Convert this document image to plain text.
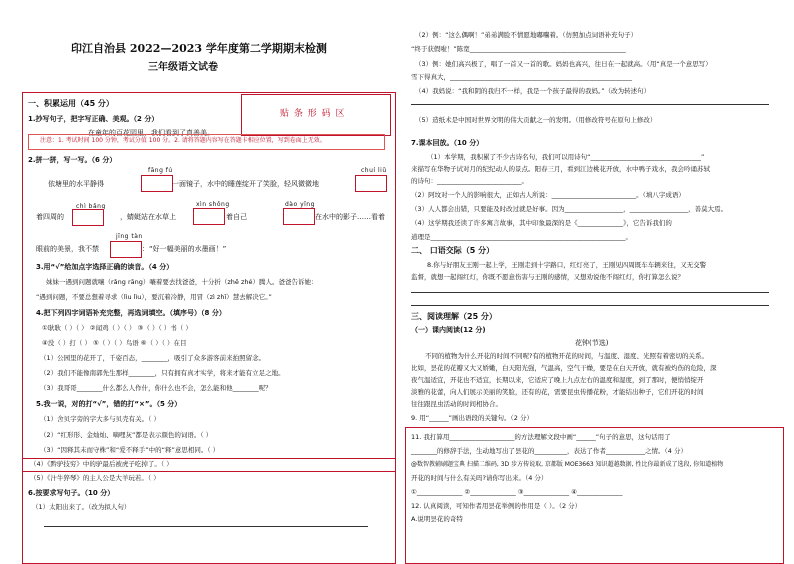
印江自治县 2022—2023 学年度第二学期期末检测
三年级语文试卷
贴 条 形 码 区
一、积累运用（45 分）
1.抄写句子，把字写正确、美观。（2 分）
在童年的百花园里，我们看到了真善美。
注意：1. 考试时间 100 分钟，考试分值 100 分。2. 请将答题内容写在答题卡相应位置，写到卷面上无效。
2.拼一拼，写一写。（6 分）
fāng fú	chuí liǔ
依塘里的水平静得	一面镜子，水中的睡莲绽开了笑脸，轻风微微地
chì bǎng	xìn shǒng	dào yǐng
着四周的	，蜻蜓站在水草上	着自己	在水中的影子……看着
jīng tàn
眼前的美景，我不禁	：“好一幅美丽的水墨画！”
3.用“√”给加点字选择正确的读音。（4 分）
妹妹一遇到问题就嚷（rǎng rāng）嚷着要去找爸爸，十分折（zhē zhé）腾人。爸爸告诉她：
“遇到问题，不要总想着寻求（lìu lìu），要沉着冷静，用冒（zì zhī）慧去解决它。”
4.把下列四字词语补充完整，再选词填空。（填序号）（8 分）
①耿耿（ ）（ ） ②闻鸡（ ）（ ） ③（ ）（ ）书（ ）
④没（ ）打（ ） ⑤（ ）（ ）鸟语 ⑥（ ）（ ）在目
（1）公园里的花开了，千姿百态，________，吸引了众多游客前来拍照留念。
（2）我们不能像南郭先生那样________，只有拥有真才实学，将来才能有立足之地。
（3）我哥哥________什么都么人作什，你什么也不会，怎么能和他________呢？
5.我一说，对的打“√”，错的打“×”。（5 分）
（1）舍贝字旁的字大多与贝壳有关。（ ）
（2）“红形形、金灿灿、嘀哩灰”都是表示颜色的词语。（ ）
（3）“因释其未而守株”和“爱不释手”中的“释”意思相同。（ ）
（4）《黔驴技穷》中的驴最后被虎子吃掉了。（ ）
（5）《汁牛猝琴》的主人公是大羊玩若。（ ）
6.按要求写句子。（10 分）
（1）太阳出来了。（改为拟人句）
（2）例：“这么偶啊！”弟弟满脸不情愿地嘟囔着。（仿照加点词语补充句子）
“终于获假啦！”陈宽________________________________________________
（3）例：她们高兴极了，唱了一首又一首的歌。妈妈也高兴，往日在一起就高。（用“真是一个意思写）
雪下得真大，________________________________________________________
（4）我妈说：“我和阴的我归不一样，我是一个孩子最得的我妈。”（改为转述句）
（5）造纸术是中国对世界文明的伟大贡献之一的发明。（用修改符号在原句上修改）
7.课本回放。（10 分）
（1）本学期，我积累了不少古诗名句，我们可以用诗句“__________________________________”
来描写在华物子试对月的纪纪动人的景点。阳春三月，看到江边桃花开放，水中鸭子戏水，我会吟诵苏轼
的诗句：__________________________。
（2）阿坟对一个人的影响很大，正如古人所说：__________________________。（填八字成语）
（3）人人都会出错，只要能及时改过就是好事。因为__________________，__________________，善莫大焉。
（4）这学期我还读了许多寓言故事，其中印象最深的是《______________》，它告诉我们的
道理是____________________________________________________________。
二、 口语交际（5 分）
8.你与好朋友王刚一起上学，王刚走到十字路口，红灯亮了，王刚见四周既车车辆来往，又无交警
监督，就想一起闯红灯，你既不愿意伤害与王刚的感情，又想劝说他不闯红灯，你打算怎么说？
三、阅读理解（25 分）
（一）课内阅读(12 分)
花钟(节选)
不同的植物为什么开花的时间不同呢?有的植物开花的时间，与温度、湿度、光照有着密切的关系。
比如，昙花的花瓣又大又娇嫩，白天阳光强，气温高，空气干燥，要是在白天开放，就有被灼伤的危险，深
夜气温适宜，开花也不适宜，长期以来，它适应了晚上九点左右的温度和湿度，到了那时，便悄悄绽开
淡雅的花蕾，向人们展示美丽的笑脸，还有的花，需要昆虫传播花粉，才能结出种子，它们开花的时间
往往跟昆虫活动的时间相协合。
9. 用“______”画出语段的关键句。（2 分）
11. 我打算用____________________的方法理解文段中画“______”句子的意思，这句话用了
________的修辞手法，生动地写出了昙花的__________，表达了作者____________之情。（4 分）
@数智教辅刷题宝典 扫描二维码, 3D 步方传说取, 京都版 MOE3663 知识超越数据, 性比你最新成了选段, 你知道植物
开花的时间与什么有关吗?请你写出来。（4 分）
①______________ ②______________ ③______________ ④______________
12. 认真阅读，可知作者用昙花举例的作用是（ ）。（2 分）
A.说明昙花的奇特
